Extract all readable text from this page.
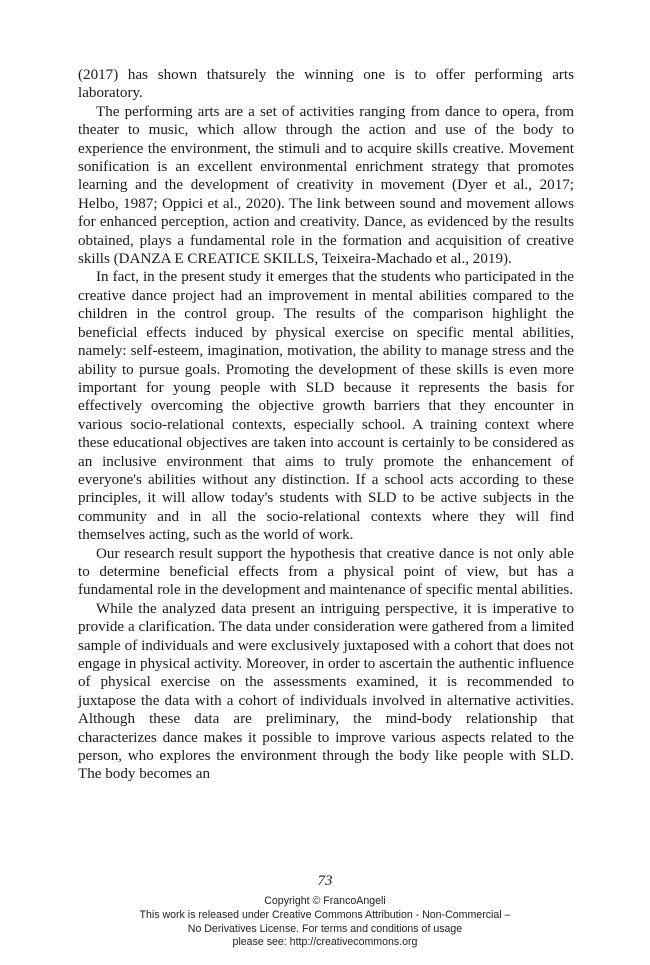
(2017) has shown thatsurely the winning one is to offer performing arts laboratory.

The performing arts are a set of activities ranging from dance to opera, from theater to music, which allow through the action and use of the body to experience the environment, the stimuli and to acquire skills creative. Movement sonification is an excellent environmental enrichment strategy that promotes learning and the development of creativity in movement (Dyer et al., 2017; Helbo, 1987; Oppici et al., 2020). The link between sound and movement allows for enhanced perception, action and creativity. Dance, as evidenced by the results obtained, plays a fundamental role in the formation and acquisition of creative skills (DANZA E CREATICE SKILLS, Teixeira-Machado et al., 2019).

In fact, in the present study it emerges that the students who participated in the creative dance project had an improvement in mental abilities compared to the children in the control group. The results of the comparison highlight the beneficial effects induced by physical exercise on specific mental abilities, namely: self-esteem, imagination, motivation, the ability to manage stress and the ability to pursue goals. Promoting the development of these skills is even more important for young people with SLD because it represents the basis for effectively overcoming the objective growth barriers that they encounter in various socio-relational contexts, especially school. A training context where these educational objectives are taken into account is certainly to be considered as an inclusive environment that aims to truly promote the enhancement of everyone's abilities without any distinction. If a school acts according to these principles, it will allow today's students with SLD to be active subjects in the community and in all the socio-relational contexts where they will find themselves acting, such as the world of work.

Our research result support the hypothesis that creative dance is not only able to determine beneficial effects from a physical point of view, but has a fundamental role in the development and maintenance of specific mental abilities.

While the analyzed data present an intriguing perspective, it is imperative to provide a clarification. The data under consideration were gathered from a limited sample of individuals and were exclusively juxtaposed with a cohort that does not engage in physical activity. Moreover, in order to ascertain the authentic influence of physical exercise on the assessments examined, it is recommended to juxtapose the data with a cohort of individuals involved in alternative activities. Although these data are preliminary, the mind-body relationship that characterizes dance makes it possible to improve various aspects related to the person, who explores the environment through the body like people with SLD. The body becomes an

73
Copyright © FrancoAngeli
This work is released under Creative Commons Attribution - Non-Commercial –
No Derivatives License. For terms and conditions of usage
please see: http://creativecommons.org
